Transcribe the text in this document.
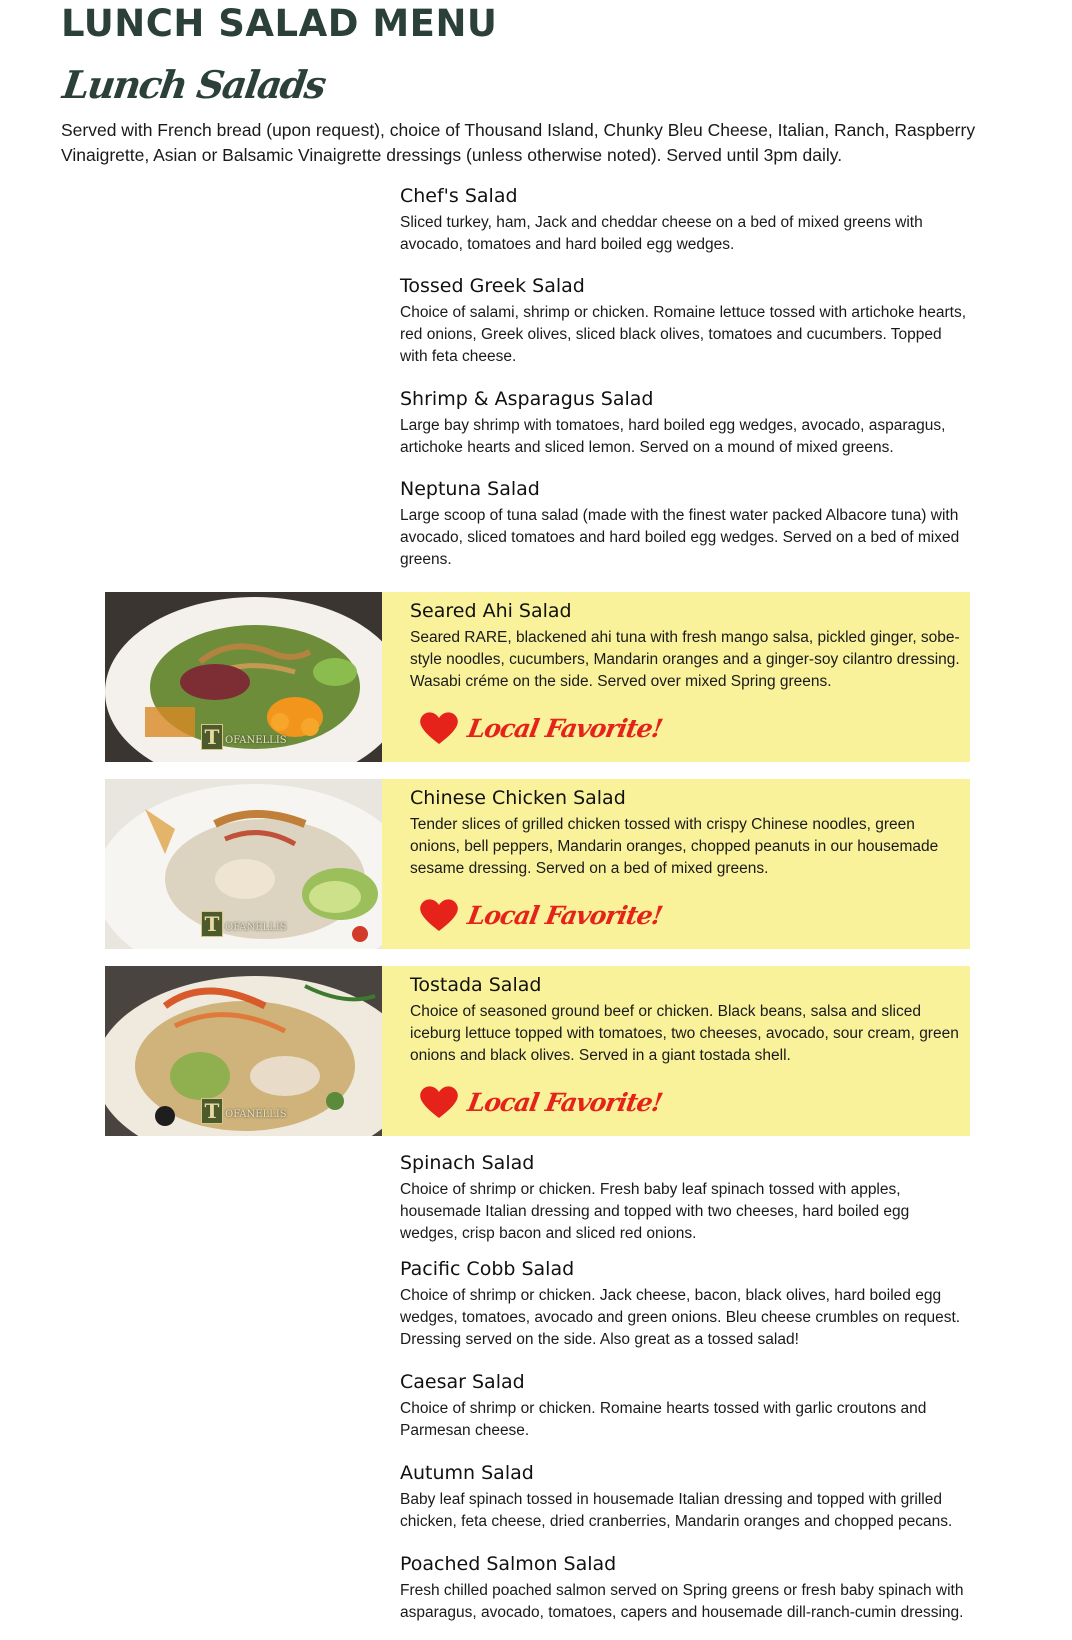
LUNCH SALAD MENU
Lunch Salads

Served with French bread (upon request), choice of Thousand Island, Chunky Bleu Cheese, Italian, Ranch, Raspberry Vinaigrette, Asian or Balsamic Vinaigrette dressings (unless otherwise noted). Served until 3pm daily.

Chef's Salad

Sliced turkey, ham, Jack and cheddar cheese on a bed of mixed greens with avocado, tomatoes and hard boiled egg wedges.

Tossed Greek Salad

Choice of salami, shrimp or chicken. Romaine lettuce tossed with artichoke hearts, red onions, Greek olives, sliced black olives, tomatoes and cucumbers. Topped with feta cheese.

Shrimp & Asparagus Salad

Large bay shrimp with tomatoes, hard boiled egg wedges, avocado, asparagus, artichoke hearts and sliced lemon. Served on a mound of mixed greens.

Neptuna Salad

Large scoop of tuna salad (made with the finest water packed Albacore tuna) with avocado, sliced tomatoes and hard boiled egg wedges. Served on a bed of mixed greens.

T OFANELLIS
Seared Ahi Salad

Seared RARE, blackened ahi tuna with fresh mango salsa, pickled ginger, sobe-style noodles, cucumbers, Mandarin oranges and a ginger-soy cilantro dressing. Wasabi créme on the side. Served over mixed Spring greens.

Local Favorite!
T OFANELLIS
Chinese Chicken Salad

Tender slices of grilled chicken tossed with crispy Chinese noodles, green onions, bell peppers, Mandarin oranges, chopped peanuts in our housemade sesame dressing. Served on a bed of mixed greens.

Local Favorite!
T OFANELLIS
Tostada Salad

Choice of seasoned ground beef or chicken. Black beans, salsa and sliced iceburg lettuce topped with tomatoes, two cheeses, avocado, sour cream, green onions and black olives. Served in a giant tostada shell.

Local Favorite!
Spinach Salad

Choice of shrimp or chicken. Fresh baby leaf spinach tossed with apples, housemade Italian dressing and topped with two cheeses, hard boiled egg wedges, crisp bacon and sliced red onions.

Pacific Cobb Salad

Choice of shrimp or chicken. Jack cheese, bacon, black olives, hard boiled egg wedges, tomatoes, avocado and green onions. Bleu cheese crumbles on request. Dressing served on the side. Also great as a tossed salad!

Caesar Salad

Choice of shrimp or chicken. Romaine hearts tossed with garlic croutons and Parmesan cheese.

Autumn Salad

Baby leaf spinach tossed in housemade Italian dressing and topped with grilled chicken, feta cheese, dried cranberries, Mandarin oranges and chopped pecans.

Poached Salmon Salad

Fresh chilled poached salmon served on Spring greens or fresh baby spinach with asparagus, avocado, tomatoes, capers and housemade dill-ranch-cumin dressing.
